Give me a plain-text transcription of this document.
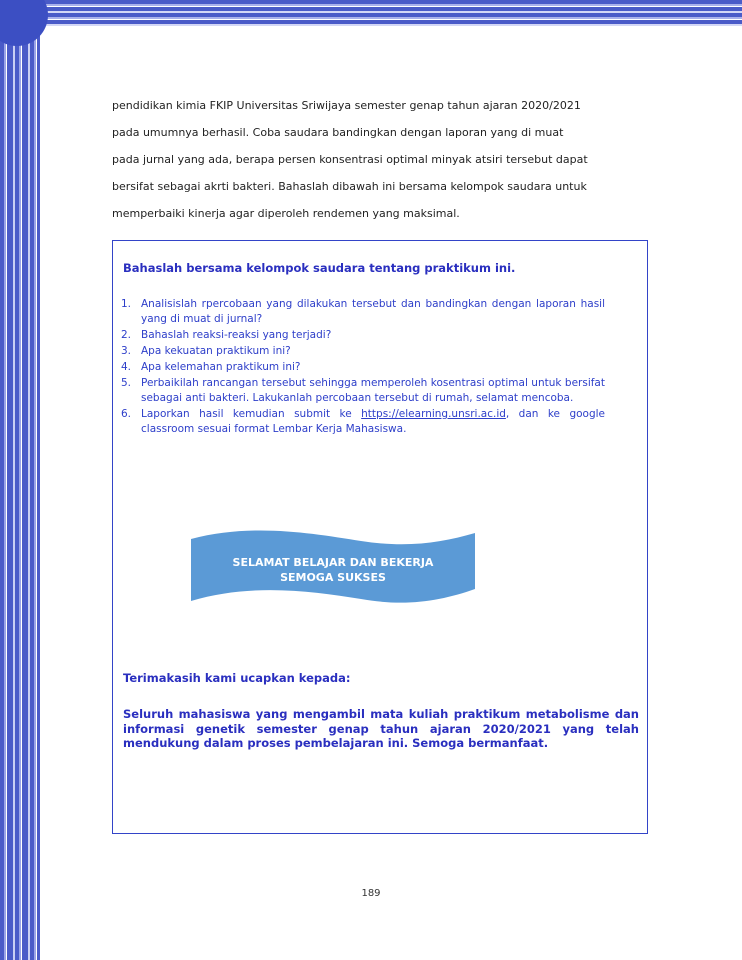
pendidikan kimia FKIP Universitas Sriwijaya semester genap tahun ajaran 2020/2021
pada umumnya berhasil. Coba saudara bandingkan dengan laporan yang di muat
pada jurnal yang ada, berapa persen konsentrasi optimal minyak atsiri tersebut dapat
bersifat sebagai akrti bakteri. Bahaslah dibawah ini bersama kelompok saudara untuk
memperbaiki kinerja agar diperoleh rendemen yang maksimal.
Bahaslah bersama kelompok saudara tentang praktikum ini.
1. Analisislah rpercobaan yang dilakukan tersebut dan bandingkan dengan laporan hasil yang di muat di jurnal?
2. Bahaslah reaksi-reaksi yang terjadi?
3. Apa kekuatan praktikum ini?
4. Apa kelemahan praktikum ini?
5. Perbaikilah rancangan tersebut sehingga memperoleh kosentrasi optimal untuk bersifat sebagai anti bakteri. Lakukanlah percobaan tersebut di rumah, selamat mencoba.
6. Laporkan hasil kemudian submit ke https://elearning.unsri.ac.id, dan ke google classroom sesuai format Lembar Kerja Mahasiswa.
SELAMAT BELAJAR DAN BEKERJA
SEMOGA SUKSES
Terimakasih kami ucapkan kepada:
Seluruh mahasiswa yang mengambil mata kuliah praktikum metabolisme dan informasi genetik semester genap tahun ajaran 2020/2021 yang telah mendukung dalam proses pembelajaran ini. Semoga bermanfaat.
189
